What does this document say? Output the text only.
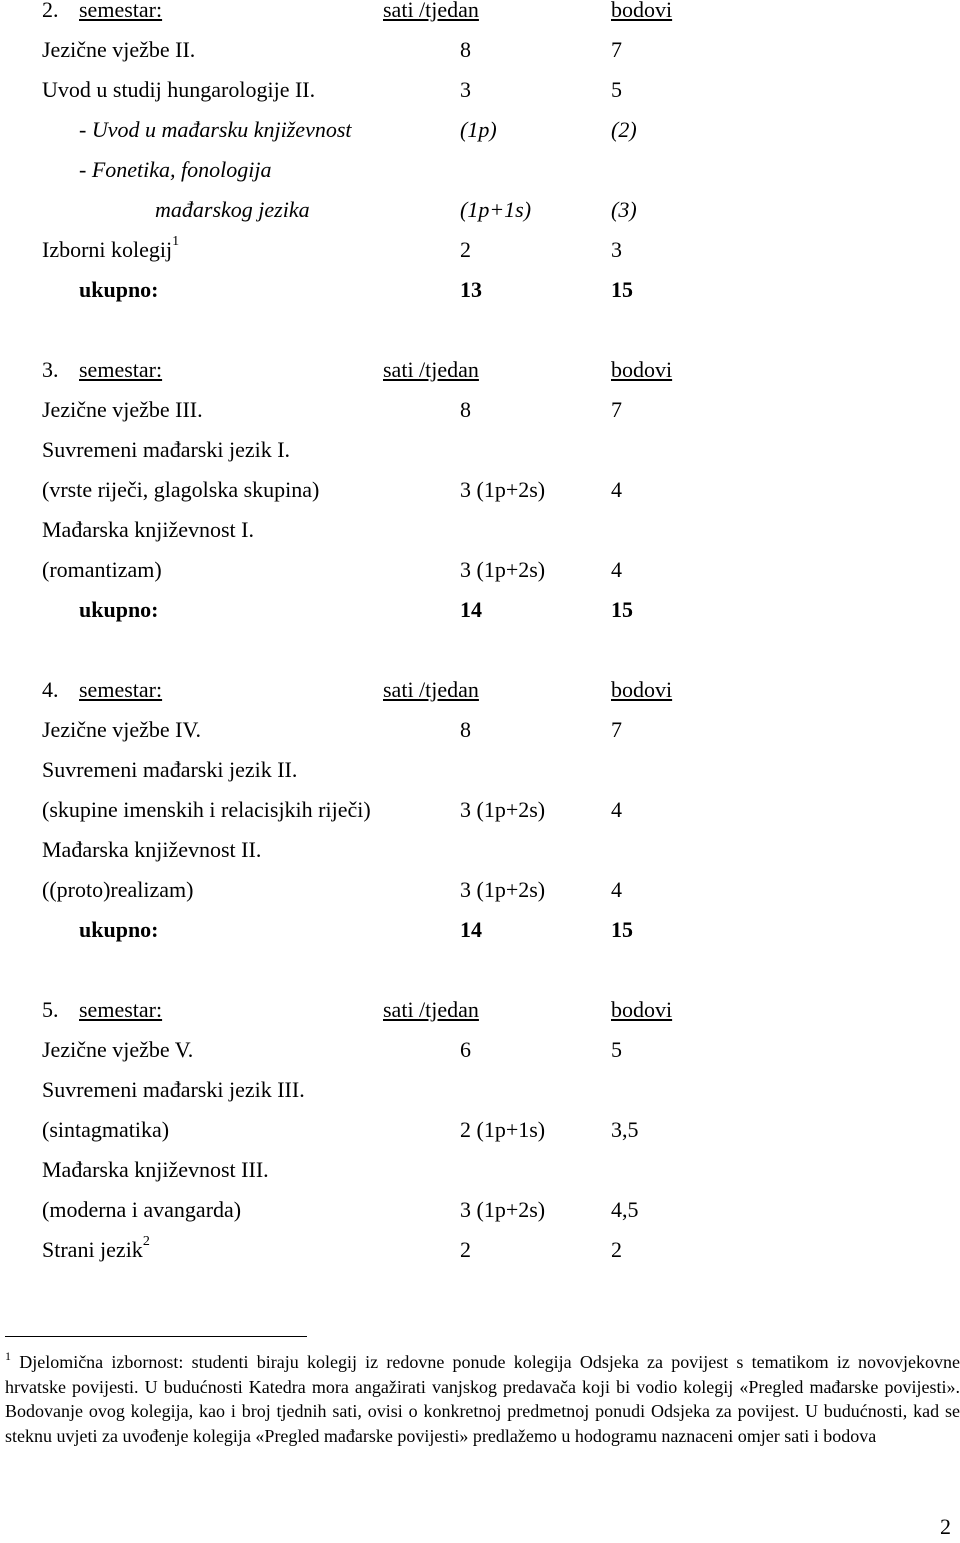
2. semestar:	sati /tjedan	bodovi
Jezične vježbe II.	8	7
Uvod u studij hungarologije II.	3	5
- Uvod u mađarsku književnost	(1p)	(2)
- Fonetika, fonologija
mađarskog jezika	(1p+1s)	(3)
Izborni kolegij$^1$	2	3
ukupno:	13	15
3. semestar:	sati /tjedan	bodovi
Jezične vježbe III.	8	7
Suvremeni mađarski jezik I.
(vrste riječi, glagolska skupina)	3 (1p+2s)	4
Mađarska književnost I.
(romantizam)	3 (1p+2s)	4
ukupno:	14	15
4. semestar:	sati /tjedan	bodovi
Jezične vježbe IV.	8	7
Suvremeni mađarski jezik II.
(skupine imenskih i relacisjkih riječi)	3 (1p+2s)	4
Mađarska književnost II.
((proto)realizam)	3 (1p+2s)	4
ukupno:	14	15
5. semestar:	sati /tjedan	bodovi
Jezične vježbe V.	6	5
Suvremeni mađarski jezik III.
(sintagmatika)	2 (1p+1s)	3,5
Mađarska književnost III.
(moderna i avangarda)	3 (1p+2s)	4,5
Strani jezik$^2$	2	2
$^1$ Djelomična izbornost: studenti biraju kolegij iz redovne ponude kolegija Odsjeka za povijest s tematikom iz novovjekovne hrvatske povijesti. U budućnosti Katedra mora angažirati vanjskog predavača koji bi vodio kolegij «Pregled mađarske povijesti». Bodovanje ovog kolegija, kao i broj tjednih sati, ovisi o konkretnoj predmetnoj ponudi Odsjeka za povijest. U budućnosti, kad se steknu uvjeti za uvođenje kolegija «Pregled mađarske povijesti» predlažemo u hodogramu naznaceni omjer sati i bodova
2
